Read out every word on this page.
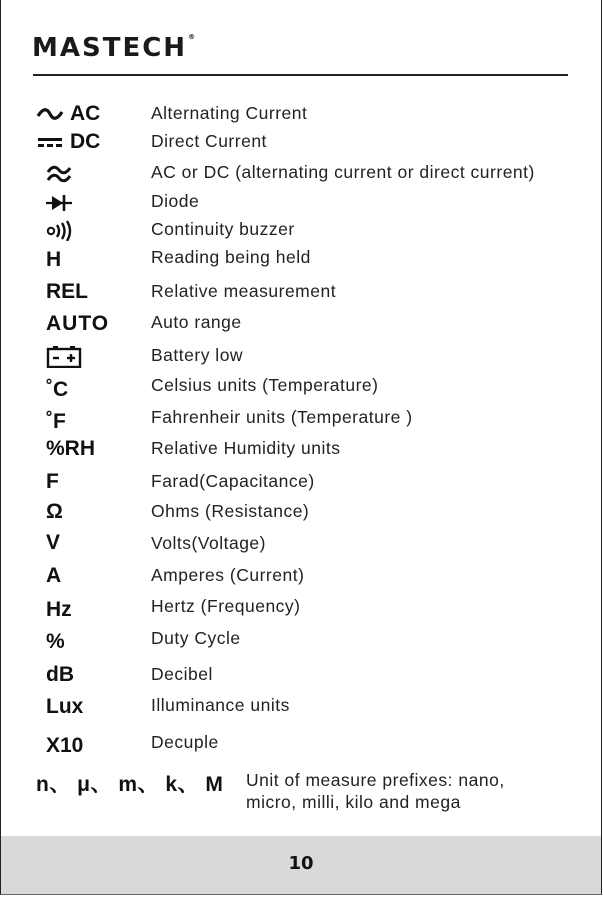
MASTECH®
AC	Alternating Current
DC	Direct Current
AC or DC (alternating current or direct current)
Diode
Continuity buzzer
H	Reading being held
REL	Relative measurement
AUTO Auto range
Battery low
˚C	Celsius units (Temperature)
˚F	Fahrenheir units (Temperature )
%RH	Relative Humidity units
F	Farad(Capacitance)
Ω	Ohms (Resistance)
V	Volts(Voltage)
A	Amperes (Current)
Hz	Hertz (Frequency)
%	Duty Cycle
dB	Decibel
Lux	Illuminance units
X10	Decuple
n、 μ、 m、 k、 M Unit of measure prefixes: nano,
micro, milli, kilo and mega
10
